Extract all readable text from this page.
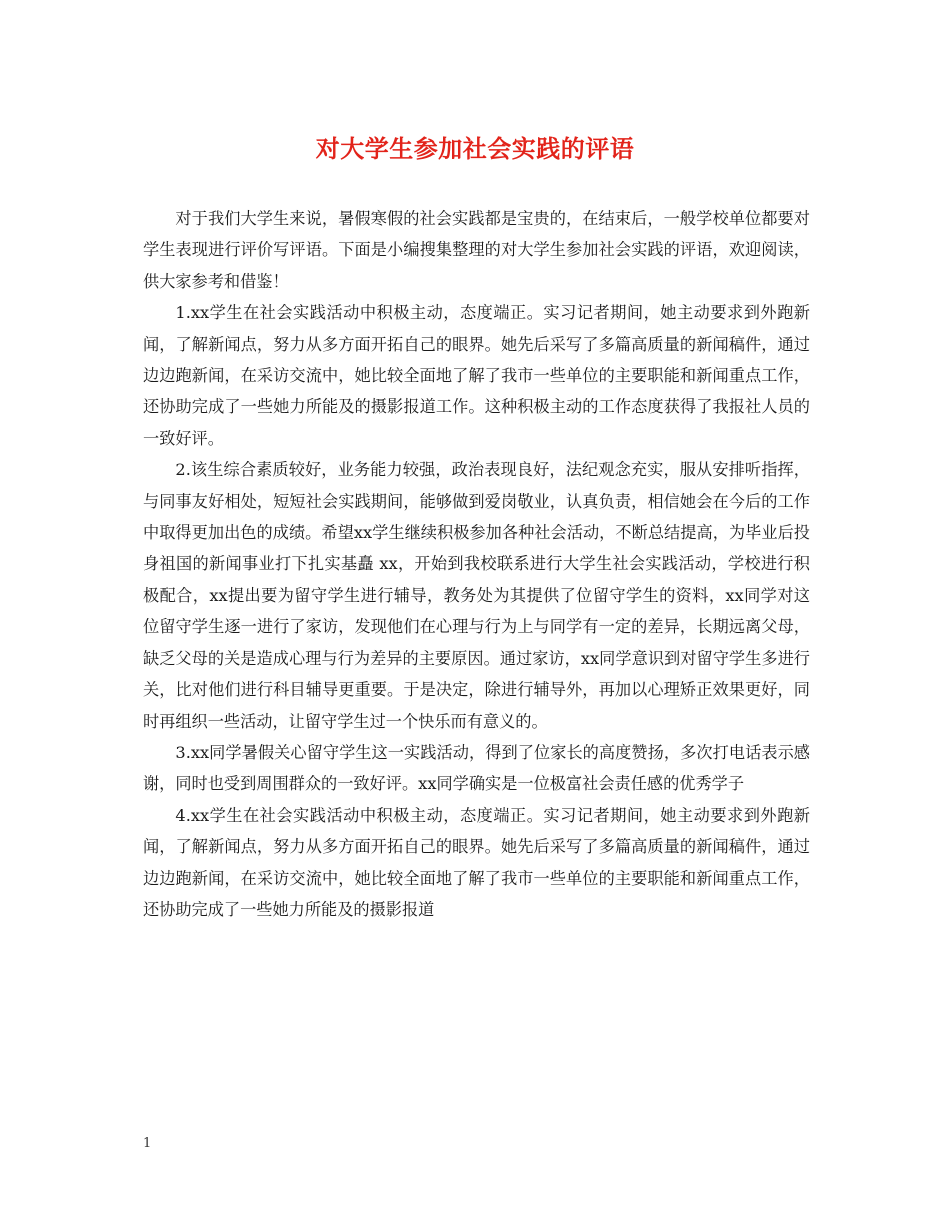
对大学生参加社会实践的评语

对于我们大学生来说，暑假寒假的社会实践都是宝贵的，在结束后，一般学校单位都要对学生表现进行评价写评语。下面是小编搜集整理的对大学生参加社会实践的评语，欢迎阅读，供大家参考和借鉴！

1.xx学生在社会实践活动中积极主动，态度端正。实习记者期间，她主动要求到外跑新闻，了解新闻点，努力从多方面开拓自己的眼界。她先后采写了多篇高质量的新闻稿件，通过边边跑新闻，在采访交流中，她比较全面地了解了我市一些单位的主要职能和新闻重点工作，还协助完成了一些她力所能及的摄影报道工作。这种积极主动的工作态度获得了我报社人员的一致好评。

2.该生综合素质较好，业务能力较强，政治表现良好，法纪观念充实，服从安排听指挥，与同事友好相处，短短社会实践期间，能够做到爱岗敬业，认真负责，相信她会在今后的工作中取得更加出色的成绩。希望xx学生继续积极参加各种社会活动，不断总结提高，为毕业后投身祖国的新闻事业打下扎实基矗 xx，开始到我校联系进行大学生社会实践活动，学校进行积极配合，xx提出要为留守学生进行辅导，教务处为其提供了位留守学生的资料，xx同学对这位留守学生逐一进行了家访，发现他们在心理与行为上与同学有一定的差异，长期远离父母，缺乏父母的关是造成心理与行为差异的主要原因。通过家访，xx同学意识到对留守学生多进行关，比对他们进行科目辅导更重要。于是决定，除进行辅导外，再加以心理矫正效果更好，同时再组织一些活动，让留守学生过一个快乐而有意义的。

3.xx同学暑假关心留守学生这一实践活动，得到了位家长的高度赞扬，多次打电话表示感谢，同时也受到周围群众的一致好评。xx同学确实是一位极富社会责任感的优秀学子

4.xx学生在社会实践活动中积极主动，态度端正。实习记者期间，她主动要求到外跑新闻，了解新闻点，努力从多方面开拓自己的眼界。她先后采写了多篇高质量的新闻稿件，通过边边跑新闻，在采访交流中，她比较全面地了解了我市一些单位的主要职能和新闻重点工作，还协助完成了一些她力所能及的摄影报道

1
